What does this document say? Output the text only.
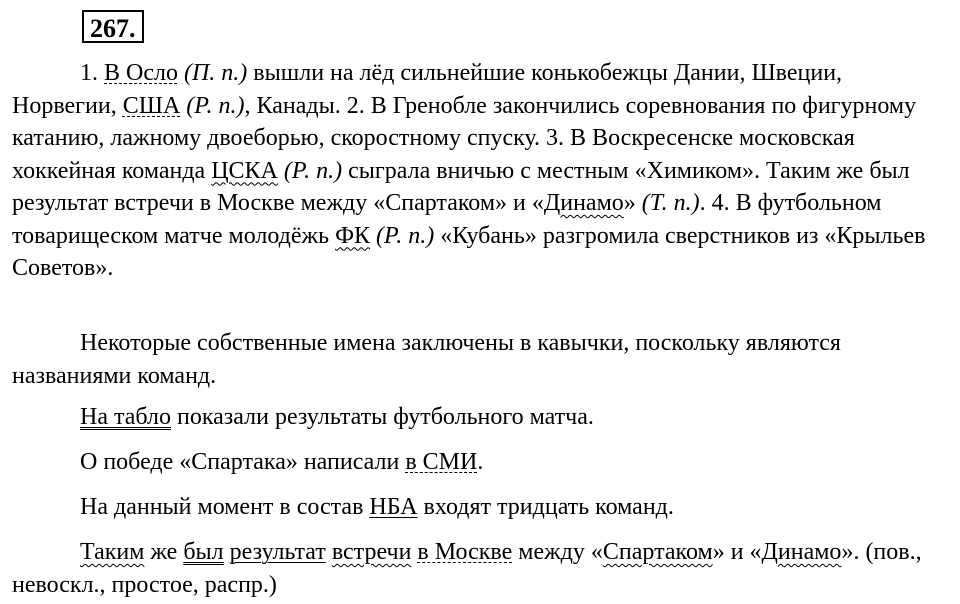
267.

1. В Осло (П. п.) вышли на лёд сильнейшие конькобежцы Дании, Швеции, Норвегии, США (Р. п.), Канады. 2. В Гренобле закончились соревнования по фигурному катанию, лажному двоеборью, скоростному спуску. 3. В Воскресенске московская хоккейная команда ЦСКА (Р. п.) сыграла вничью с местным «Химиком». Таким же был результат встречи в Москве между «Спартаком» и «Динамо» (Т. п.). 4. В футбольном товарищеском матче молодёжь ФК (Р. п.) «Кубань» разгромила сверстников из «Крыльев Советов».

Некоторые собственные имена заключены в кавычки, поскольку являются названиями команд.

На табло показали результаты футбольного матча.

О победе «Спартака» написали в СМИ.

На данный момент в состав НБА входят тридцать команд.

Таким же был результат встречи в Москве между «Спартаком» и «Динамо». (пов., невоскл., простое, распр.)
